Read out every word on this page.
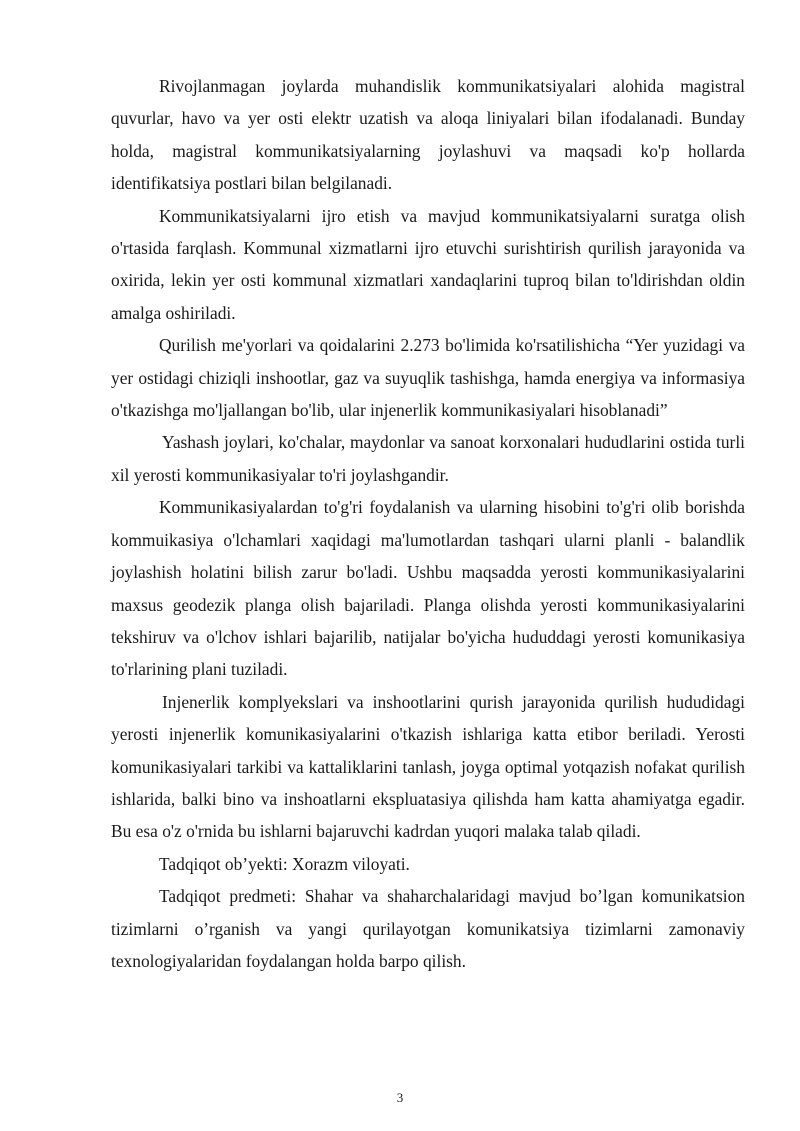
Rivojlanmagan joylarda muhandislik kommunikatsiyalari alohida magistral quvurlar, havo va yer osti elektr uzatish va aloqa liniyalari bilan ifodalanadi. Bunday holda, magistral kommunikatsiyalarning joylashuvi va maqsadi ko'p hollarda identifikatsiya postlari bilan belgilanadi.

Kommunikatsiyalarni ijro etish va mavjud kommunikatsiyalarni suratga olish o'rtasida farqlash. Kommunal xizmatlarni ijro etuvchi surishtirish qurilish jarayonida va oxirida, lekin yer osti kommunal xizmatlari xandaqlarini tuproq bilan to'ldirishdan oldin amalga oshiriladi.

Qurilish me'yorlari va qoidalarini 2.273 bo'limida ko'rsatilishicha “Yer yuzidagi va yer ostidagi chiziqli inshootlar, gaz va suyuqlik tashishga, hamda energiya va informasiya o'tkazishga mo'ljallangan bo'lib, ular injenerlik kommunikasiyalari hisoblanadi”

Yashash joylari, ko'chalar, maydonlar va sanoat korxonalari hududlarini ostida turli xil yerosti kommunikasiyalar to'ri joylashgandir.

Kommunikasiyalardan to'g'ri foydalanish va ularning hisobini to'g'ri olib borishda kommuikasiya o'lchamlari xaqidagi ma'lumotlardan tashqari ularni planli - balandlik joylashish holatini bilish zarur bo'ladi. Ushbu maqsadda yerosti kommunikasiyalarini maxsus geodezik planga olish bajariladi. Planga olishda yerosti kommunikasiyalarini tekshiruv va o'lchov ishlari bajarilib, natijalar bo'yicha hududdagi yerosti komunikasiya to'rlarining plani tuziladi.

Injenerlik komplyekslari va inshootlarini qurish jarayonida qurilish hududidagi yerosti injenerlik komunikasiyalarini o'tkazish ishlariga katta etibor beriladi. Yerosti komunikasiyalari tarkibi va kattaliklarini tanlash, joyga optimal yotqazish nofakat qurilish ishlarida, balki bino va inshoatlarni ekspluatasiya qilishda ham katta ahamiyatga egadir. Bu esa o'z o'rnida bu ishlarni bajaruvchi kadrdan yuqori malaka talab qiladi.

Tadqiqot ob’yekti: Xorazm viloyati.

Tadqiqot predmeti: Shahar va shaharchalaridagi mavjud bo’lgan komunikatsion tizimlarni o’rganish va yangi qurilayotgan komunikatsiya tizimlarni zamonaviy texnologiyalaridan foydalangan holda barpo qilish.

3
